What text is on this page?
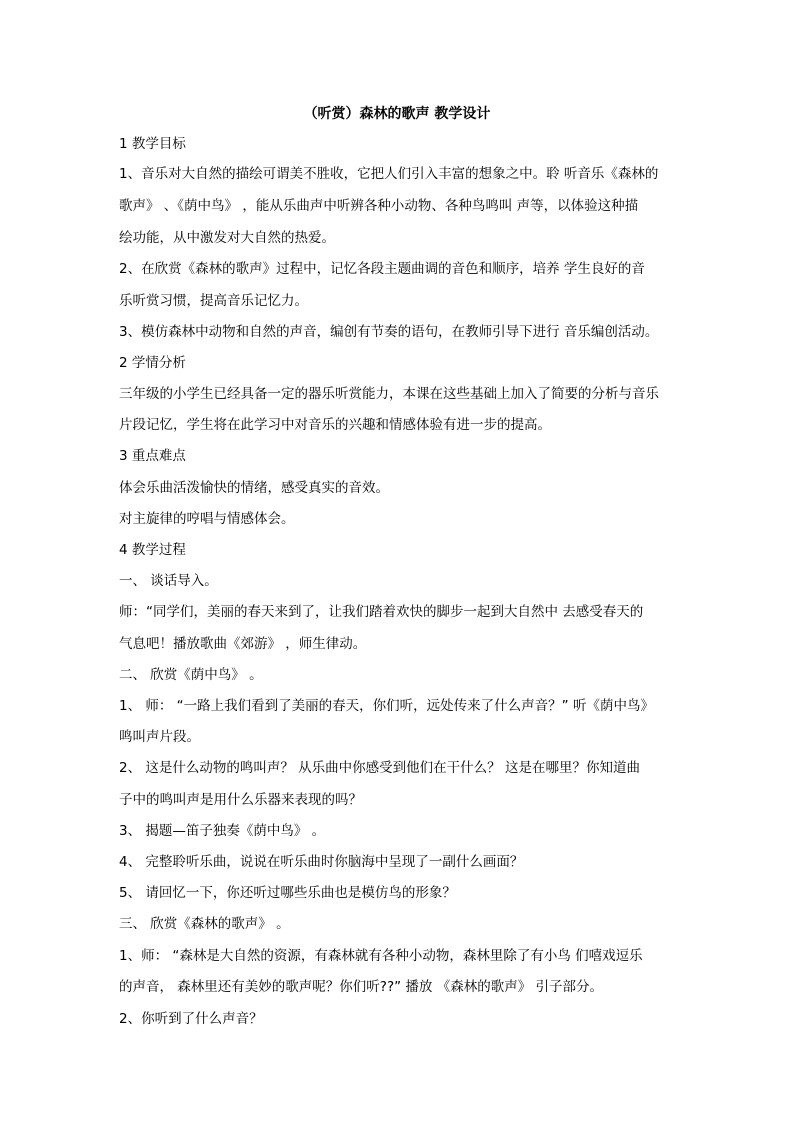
（听赏）森林的歌声 教学设计
1 教学目标
1、音乐对大自然的描绘可谓美不胜收，它把人们引入丰富的想象之中。聆 听音乐《森林的
歌声》 、《荫中鸟》 ，能从乐曲声中听辨各种小动物、各种鸟鸣叫 声等，以体验这种描
绘功能，从中激发对大自然的热爱。
2、在欣赏《森林的歌声》过程中，记忆各段主题曲调的音色和顺序，培养 学生良好的音
乐听赏习惯，提高音乐记忆力。
3、模仿森林中动物和自然的声音，编创有节奏的语句，在教师引导下进行 音乐编创活动。
2 学情分析
三年级的小学生已经具备一定的器乐听赏能力，本课在这些基础上加入了简要的分析与音乐
片段记忆，学生将在此学习中对音乐的兴趣和情感体验有进一步的提高。
3 重点难点
体会乐曲活泼愉快的情绪，感受真实的音效。
对主旋律的哼唱与情感体会。
4 教学过程
一、 谈话导入。
师：“同学们，美丽的春天来到了，让我们踏着欢快的脚步一起到大自然中 去感受春天的
气息吧！播放歌曲《郊游》 ，师生律动。
二、 欣赏《荫中鸟》 。
1、 师： “一路上我们看到了美丽的春天，你们听，远处传来了什么声音？” 听《荫中鸟》
鸣叫声片段。
2、 这是什么动物的鸣叫声？ 从乐曲中你感受到他们在干什么？ 这是在哪里？你知道曲
子中的鸣叫声是用什么乐器来表现的吗？
3、 揭题—笛子独奏《荫中鸟》 。
4、 完整聆听乐曲，说说在听乐曲时你脑海中呈现了一副什么画面？
5、 请回忆一下，你还听过哪些乐曲也是模仿鸟的形象？
三、 欣赏《森林的歌声》 。
1、师： “森林是大自然的资源，有森林就有各种小动物，森林里除了有小鸟 们嘻戏逗乐
的声音， 森林里还有美妙的歌声呢？你们听??” 播放 《森林的歌声》 引子部分。
2、你听到了什么声音？
